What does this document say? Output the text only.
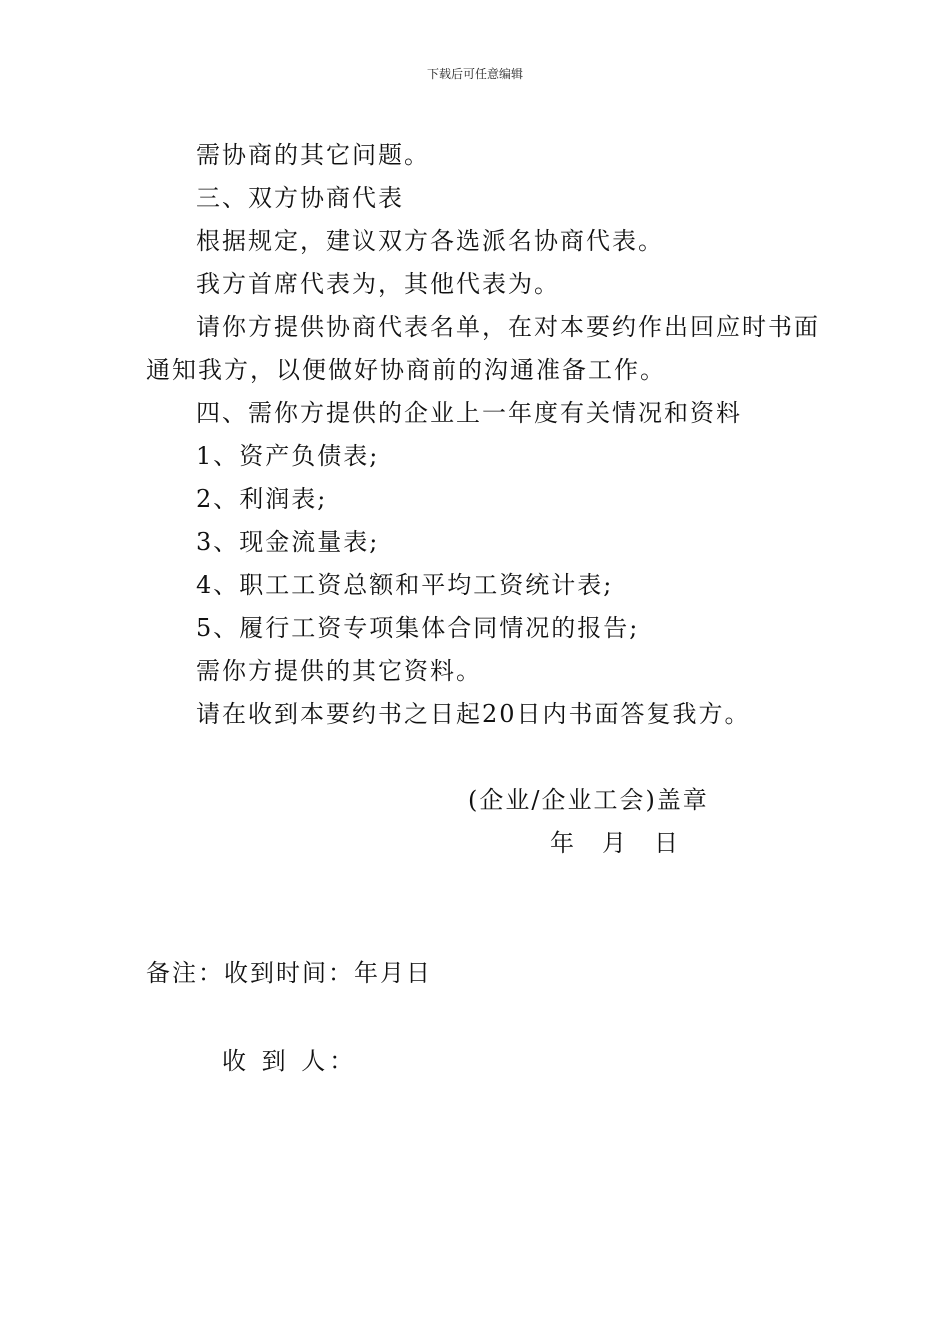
下载后可任意编辑
需协商的其它问题。
三、双方协商代表
根据规定，建议双方各选派名协商代表。
我方首席代表为，其他代表为。
请你方提供协商代表名单，在对本要约作出回应时书面
通知我方，以便做好协商前的沟通准备工作。
四、需你方提供的企业上一年度有关情况和资料
1、资产负债表;
2、利润表;
3、现金流量表;
4、职工工资总额和平均工资统计表;
5、履行工资专项集体合同情况的报告;
需你方提供的其它资料。
请在收到本要约书之日起20日内书面答复我方。
(企业/企业工会)盖章
年 月 日
备注：收到时间：年月日
收 到 人：
